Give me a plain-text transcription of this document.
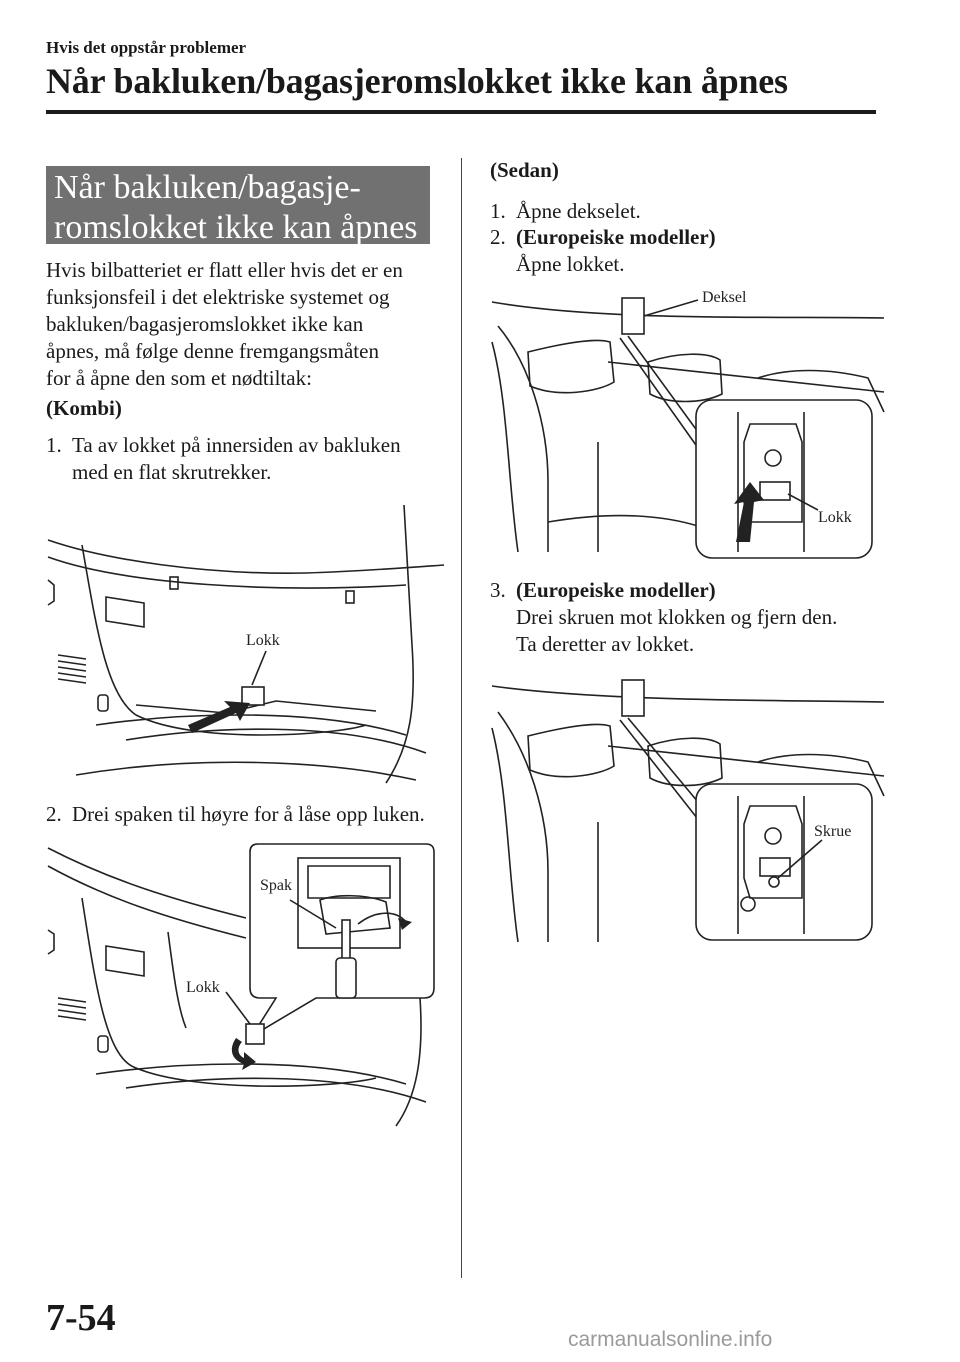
Hvis det oppstår problemer
Når bakluken/bagasjeromslokket ikke kan åpnes
Når bakluken/bagasje-
romslokket ikke kan åpnes
Hvis bilbatteriet er flatt eller hvis det er en
funksjonsfeil i det elektriske systemet og
bakluken/bagasjeromslokket ikke kan
åpnes, må følge denne fremgangsmåten
for å åpne den som et nødtiltak:
(Kombi)
1. Ta av lokket på innersiden av bakluken
med en flat skrutrekker.
Lokk
2. Drei spaken til høyre for å låse opp luken.
Spak
Lokk
(Sedan)
1. Åpne dekselet.
2. (Europeiske modeller)
Åpne lokket.
Deksel
Lokk
3. (Europeiske modeller)
Drei skruen mot klokken og fjern den.
Ta deretter av lokket.
Skrue
7-54
carmanualsonline.info
